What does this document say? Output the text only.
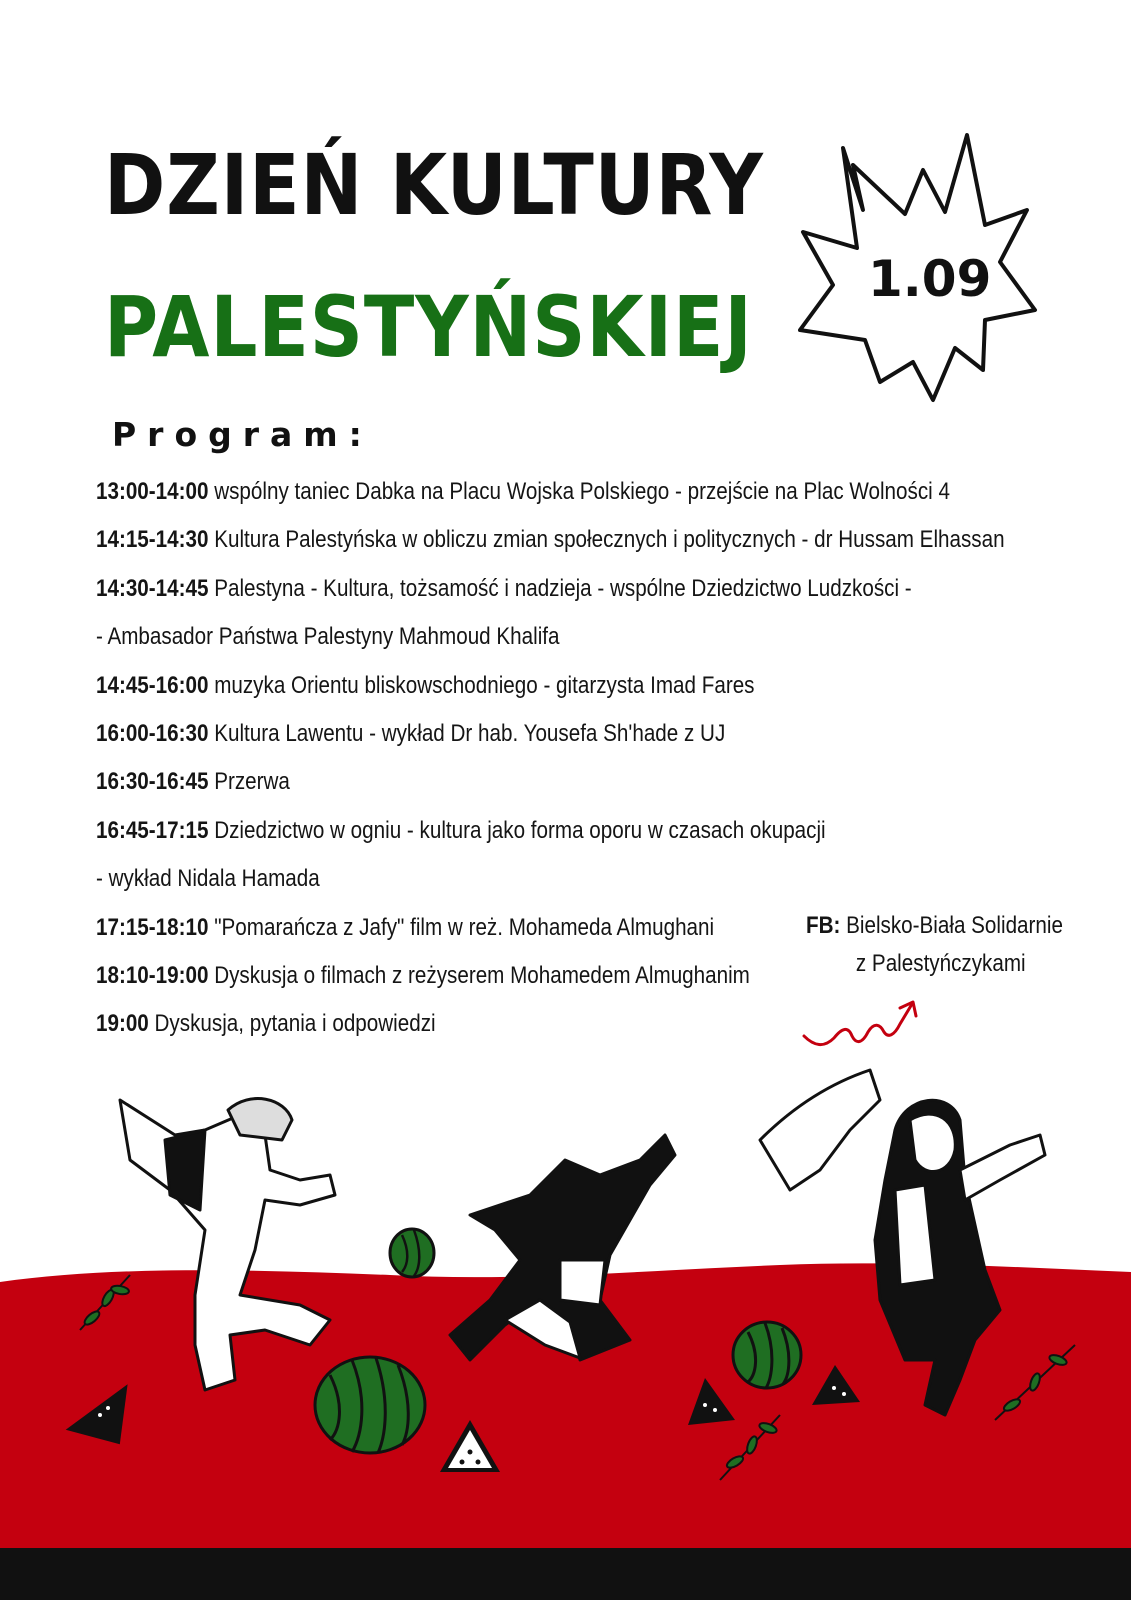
DZIEŃ KULTURY
PALESTYŃSKIEJ 1.09
Program:
13:00-14:00 wspólny taniec Dabka na Placu Wojska Polskiego - przejście na Plac Wolności 4
14:15-14:30 Kultura Palestyńska w obliczu zmian społecznych i politycznych - dr Hussam Elhassan
14:30-14:45 Palestyna - Kultura, tożsamość i nadzieja - wspólne Dziedzictwo Ludzkości -
- Ambasador Państwa Palestyny Mahmoud Khalifa
14:45-16:00 muzyka Orientu bliskowschodniego - gitarzysta Imad Fares
16:00-16:30 Kultura Lawentu - wykład Dr hab. Yousefa Sh'hade z UJ
16:30-16:45 Przerwa
16:45-17:15 Dziedzictwo w ogniu - kultura jako forma oporu w czasach okupacji
- wykład Nidala Hamada
17:15-18:10 "Pomarańcza z Jafy" film w reż. Mohameda Almughani
18:10-19:00 Dyskusja o filmach z reżyserem Mohamedem Almughanim
19:00 Dyskusja, pytania i odpowiedzi
FB: Bielsko-Biała Solidarnie
z Palestyńczykami
